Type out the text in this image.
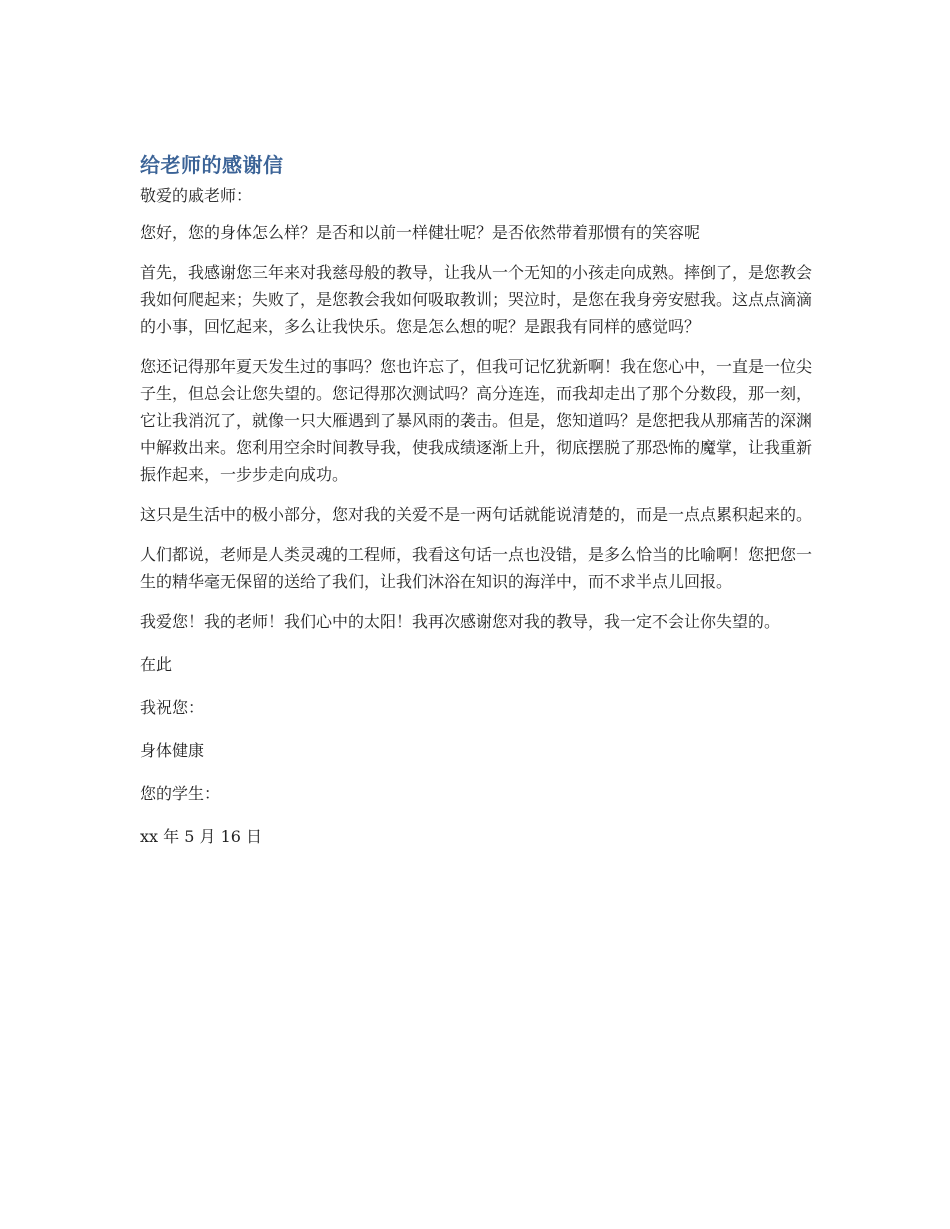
给老师的感谢信

敬爱的戚老师：

您好，您的身体怎么样？是否和以前一样健壮呢？是否依然带着那惯有的笑容呢

首先，我感谢您三年来对我慈母般的教导，让我从一个无知的小孩走向成熟。摔倒了，是您教会我如何爬起来；失败了，是您教会我如何吸取教训；哭泣时，是您在我身旁安慰我。这点点滴滴的小事，回忆起来，多么让我快乐。您是怎么想的呢？是跟我有同样的感觉吗？

您还记得那年夏天发生过的事吗？您也许忘了，但我可记忆犹新啊！我在您心中，一直是一位尖子生，但总会让您失望的。您记得那次测试吗？高分连连，而我却走出了那个分数段，那一刻，它让我消沉了，就像一只大雁遇到了暴风雨的袭击。但是，您知道吗？是您把我从那痛苦的深渊中解救出来。您利用空余时间教导我，使我成绩逐渐上升，彻底摆脱了那恐怖的魔掌，让我重新振作起来，一步步走向成功。

这只是生活中的极小部分，您对我的关爱不是一两句话就能说清楚的，而是一点点累积起来的。

人们都说，老师是人类灵魂的工程师，我看这句话一点也没错，是多么恰当的比喻啊！您把您一生的精华毫无保留的送给了我们，让我们沐浴在知识的海洋中，而不求半点儿回报。

我爱您！我的老师！我们心中的太阳！我再次感谢您对我的教导，我一定不会让你失望的。

在此

我祝您：

身体健康

您的学生：

xx 年 5 月 16 日
